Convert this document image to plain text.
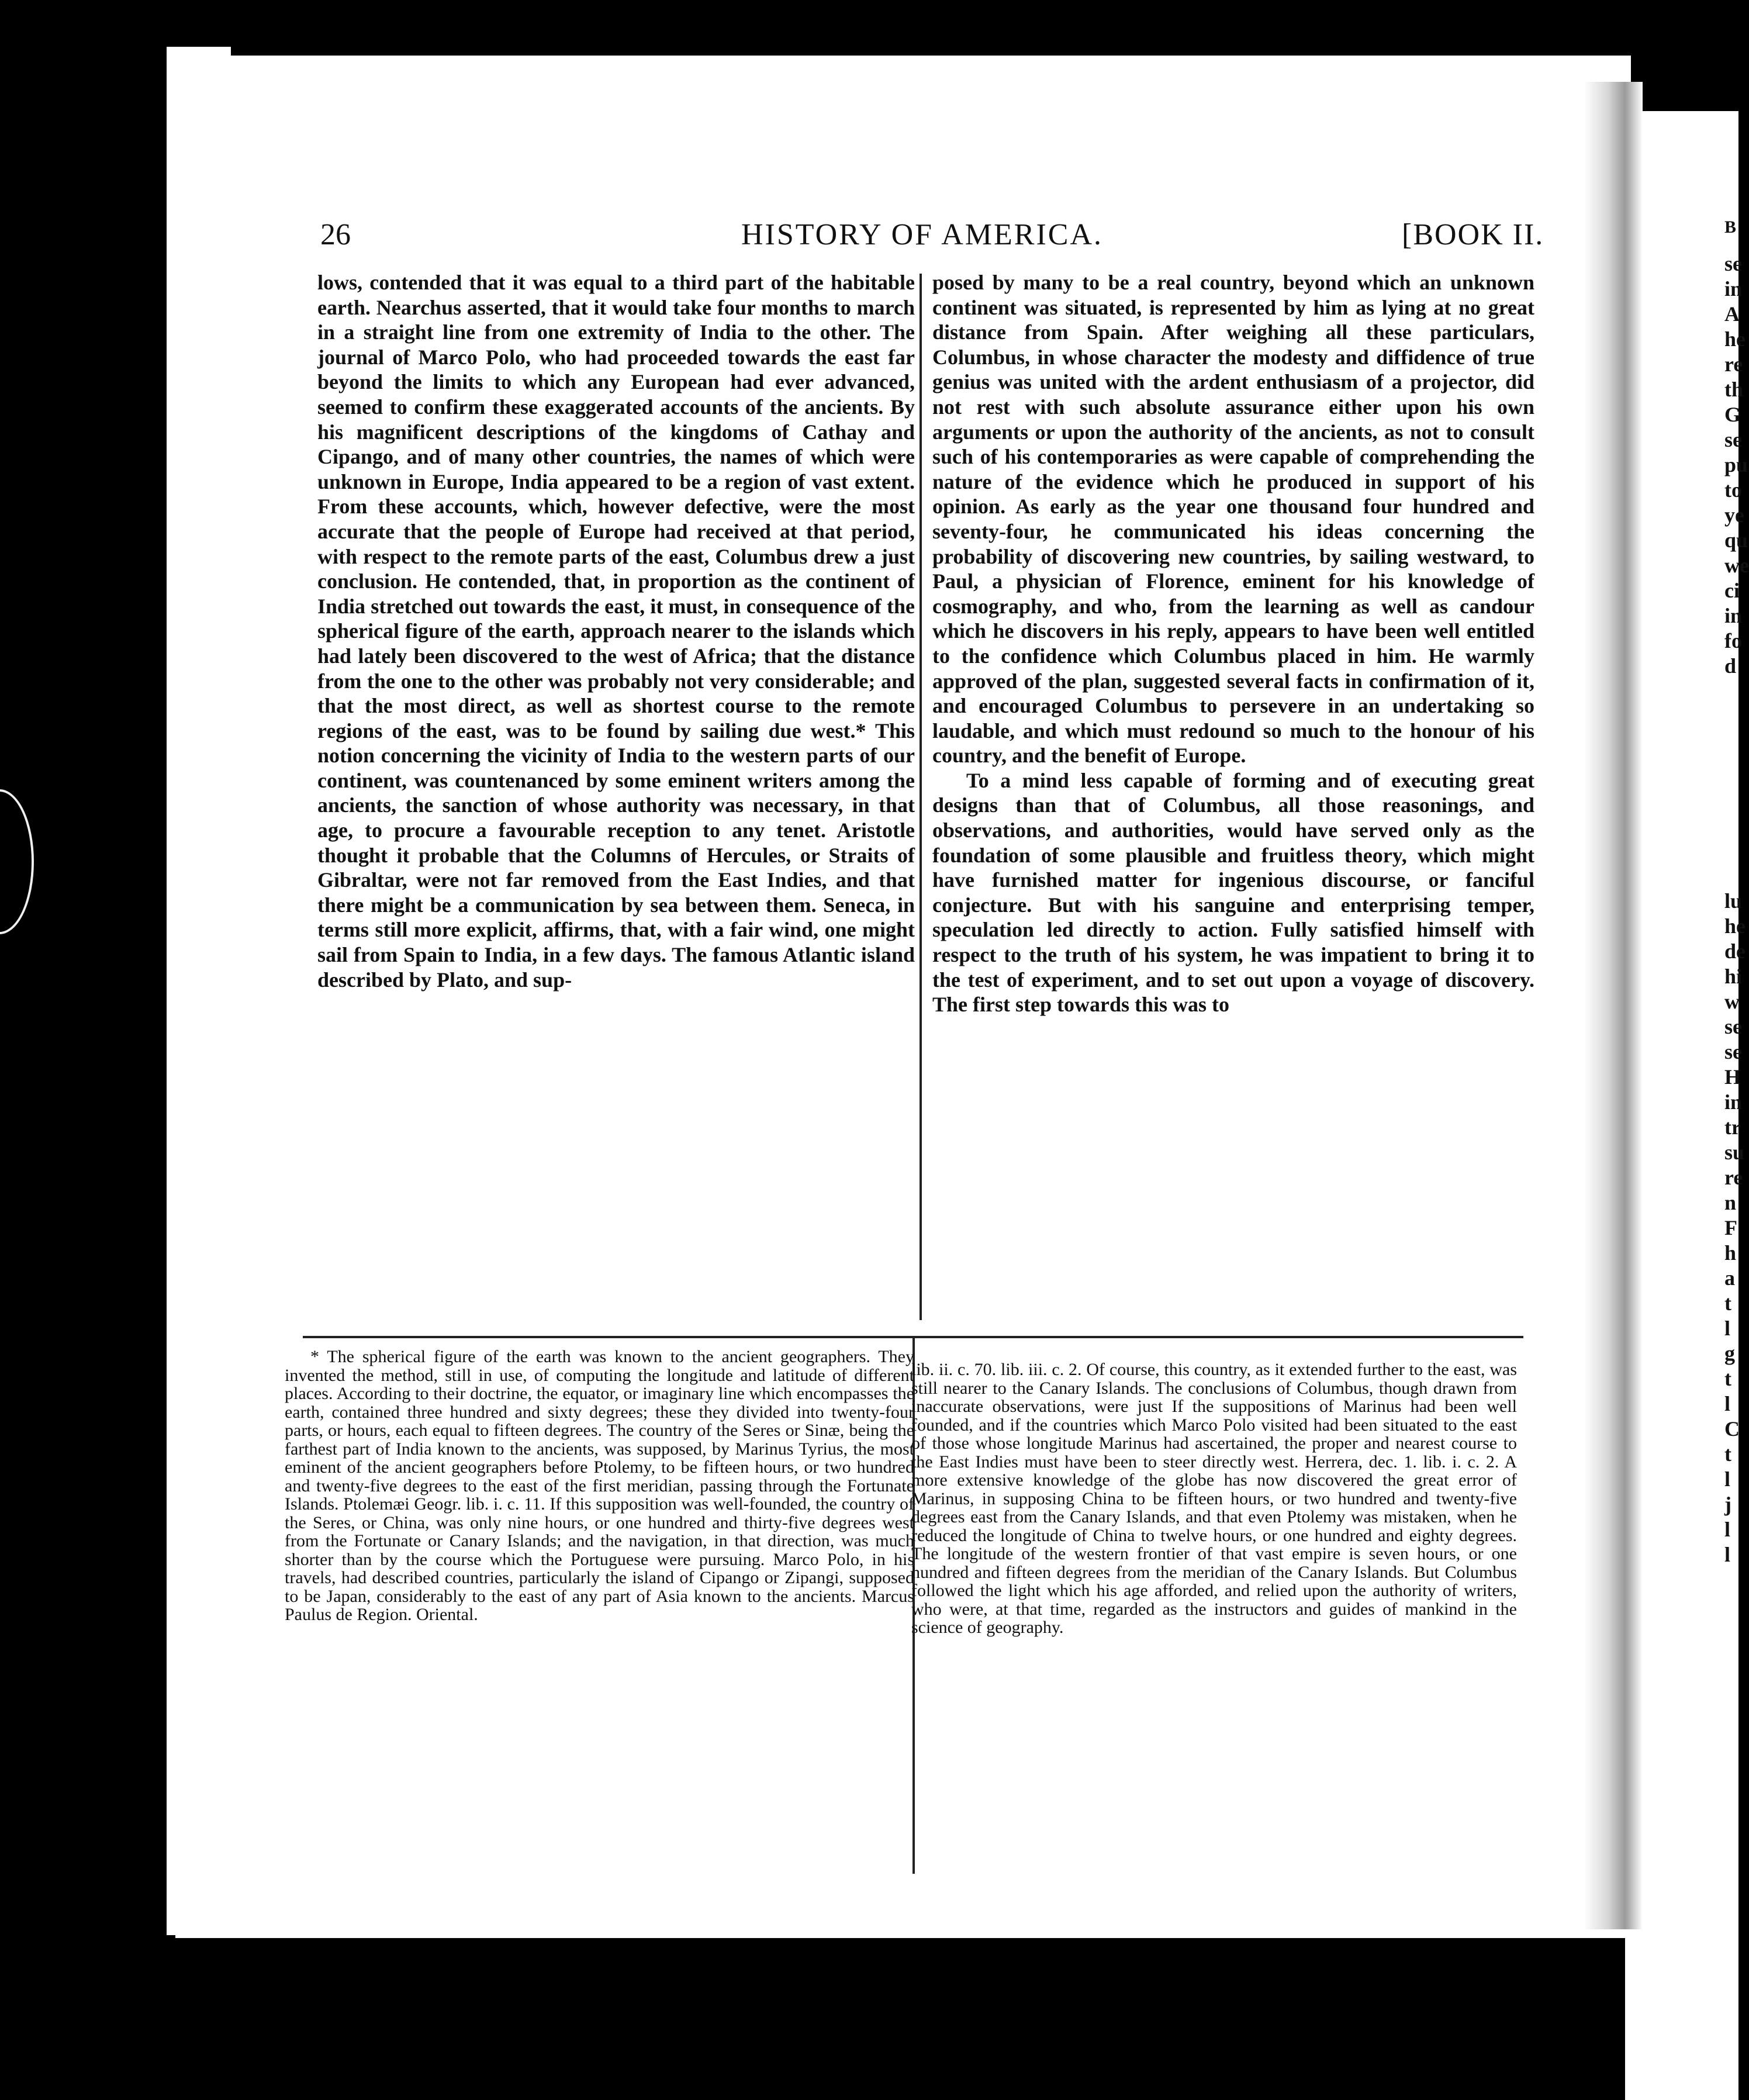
26	HISTORY OF AMERICA.	[BOOK II.

lows, contended that it was equal to a third part of the habitable earth. Nearchus asserted, that it would take four months to march in a straight line from one extremity of India to the other. The journal of Marco Polo, who had proceeded towards the east far beyond the limits to which any European had ever advanced, seemed to confirm these exaggerated accounts of the ancients. By his magnificent descriptions of the kingdoms of Cathay and Cipango, and of many other countries, the names of which were unknown in Europe, India appeared to be a region of vast extent. From these accounts, which, however defective, were the most accurate that the people of Europe had received at that period, with respect to the remote parts of the east, Columbus drew a just conclusion. He contended, that, in proportion as the continent of India stretched out towards the east, it must, in consequence of the spherical figure of the earth, approach nearer to the islands which had lately been discovered to the west of Africa; that the distance from the one to the other was probably not very considerable; and that the most direct, as well as shortest course to the remote regions of the east, was to be found by sailing due west.* This notion concerning the vicinity of India to the western parts of our continent, was countenanced by some eminent writers among the ancients, the sanction of whose authority was necessary, in that age, to procure a favourable reception to any tenet. Aristotle thought it probable that the Columns of Hercules, or Straits of Gibraltar, were not far removed from the East Indies, and that there might be a communication by sea between them. Seneca, in terms still more explicit, affirms, that, with a fair wind, one might sail from Spain to India, in a few days. The famous Atlantic island described by Plato, and sup-

posed by many to be a real country, beyond which an unknown continent was situated, is represented by him as lying at no great distance from Spain. After weighing all these particulars, Columbus, in whose character the modesty and diffidence of true genius was united with the ardent enthusiasm of a projector, did not rest with such absolute assurance either upon his own arguments or upon the authority of the ancients, as not to consult such of his contemporaries as were capable of comprehending the nature of the evidence which he produced in support of his opinion. As early as the year one thousand four hundred and seventy-four, he communicated his ideas concerning the probability of discovering new countries, by sailing westward, to Paul, a physician of Florence, eminent for his knowledge of cosmography, and who, from the learning as well as candour which he discovers in his reply, appears to have been well entitled to the confidence which Columbus placed in him. He warmly approved of the plan, suggested several facts in confirmation of it, and encouraged Columbus to persevere in an undertaking so laudable, and which must redound so much to the honour of his country, and the benefit of Europe.

To a mind less capable of forming and of executing great designs than that of Columbus, all those reasonings, and observations, and authorities, would have served only as the foundation of some plausible and fruitless theory, which might have furnished matter for ingenious discourse, or fanciful conjecture. But with his sanguine and enterprising temper, speculation led directly to action. Fully satisfied himself with respect to the truth of his system, he was impatient to bring it to the test of experiment, and to set out upon a voyage of discovery. The first step towards this was to

* The spherical figure of the earth was known to the ancient geographers. They invented the method, still in use, of computing the longitude and latitude of different places. According to their doctrine, the equator, or imaginary line which encompasses the earth, contained three hundred and sixty degrees; these they divided into twenty-four parts, or hours, each equal to fifteen degrees. The country of the Seres or Sinæ, being the farthest part of India known to the ancients, was supposed, by Marinus Tyrius, the most eminent of the ancient geographers before Ptolemy, to be fifteen hours, or two hundred and twenty-five degrees to the east of the first meridian, passing through the Fortunate Islands. Ptolemæi Geogr. lib. i. c. 11. If this supposition was well-founded, the country of the Seres, or China, was only nine hours, or one hundred and thirty-five degrees west from the Fortunate or Canary Islands; and the navigation, in that direction, was much shorter than by the course which the Portuguese were pursuing. Marco Polo, in his travels, had described countries, particularly the island of Cipango or Zipangi, supposed to be Japan, considerably to the east of any part of Asia known to the ancients. Marcus Paulus de Region. Oriental.

lib. ii. c. 70. lib. iii. c. 2. Of course, this country, as it extended further to the east, was still nearer to the Canary Islands. The conclusions of Columbus, though drawn from inaccurate observations, were just If the suppositions of Marinus had been well founded, and if the countries which Marco Polo visited had been situated to the east of those whose longitude Marinus had ascertained, the proper and nearest course to the East Indies must have been to steer directly west. Herrera, dec. 1. lib. i. c. 2. A more extensive knowledge of the globe has now discovered the great error of Marinus, in supposing China to be fifteen hours, or two hundred and twenty-five degrees east from the Canary Islands, and that even Ptolemy was mistaken, when he reduced the longitude of China to twelve hours, or one hundred and eighty degrees. The longitude of the western frontier of that vast empire is seven hours, or one hundred and fifteen degrees from the meridian of the Canary Islands. But Columbus followed the light which his age afforded, and relied upon the authority of writers, who were, at that time, regarded as the instructors and guides of mankind in the science of geography.

B
se
in
A
he
re
th
G
se
pu
to
ye
qu
we
ci
in
fo
d
lu
he
de
hi
w
se
se
H
in
tr
su
re
n
F
h
a
t
l
g
t
l
C
t
l
j
l
l
